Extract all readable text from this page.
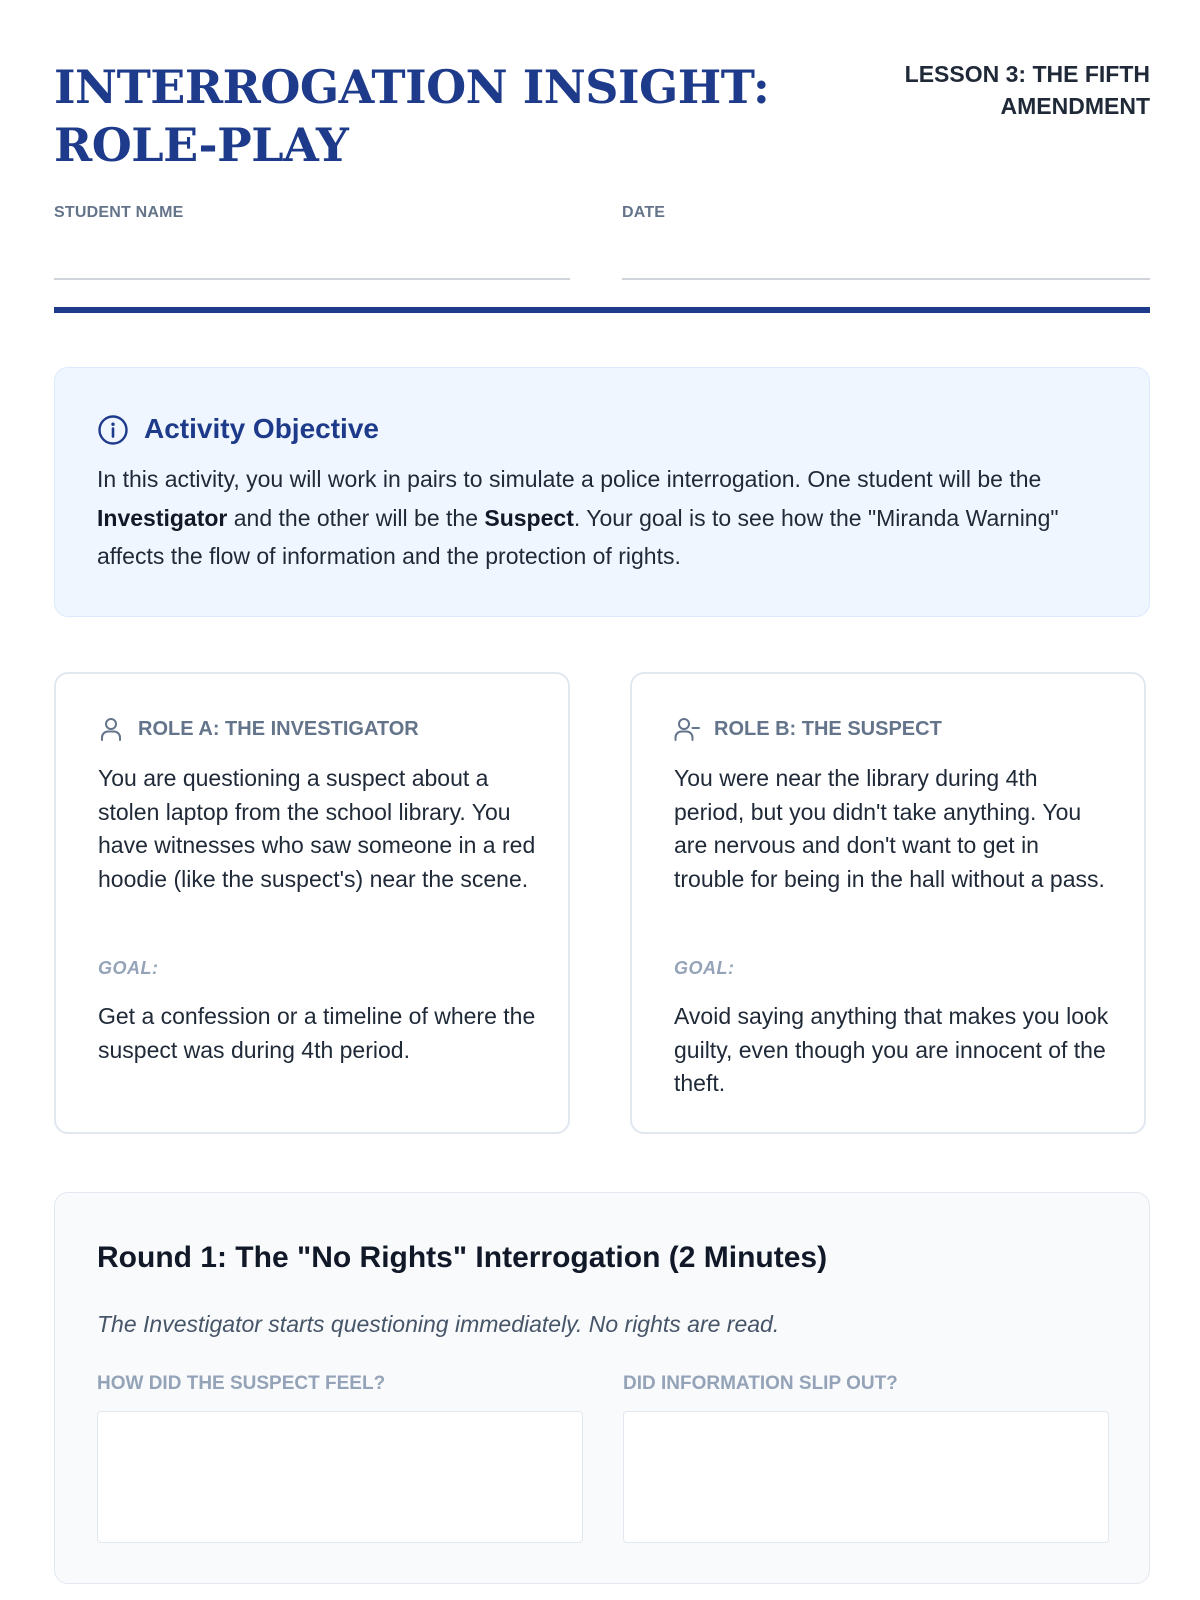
INTERROGATION INSIGHT:
ROLE-PLAY
LESSON 3: THE FIFTH
AMENDMENT
STUDENT NAME	DATE
Activity Objective
In this activity, you will work in pairs to simulate a police interrogation. One student will be the Investigator and the other will be the Suspect. Your goal is to see how the "Miranda Warning" affects the flow of information and the protection of rights.
ROLE A: THE INVESTIGATOR
You are questioning a suspect about a stolen laptop from the school library. You have witnesses who saw someone in a red hoodie (like the suspect's) near the scene.
GOAL:
Get a confession or a timeline of where the suspect was during 4th period.
ROLE B: THE SUSPECT
You were near the library during 4th period, but you didn't take anything. You are nervous and don't want to get in trouble for being in the hall without a pass.
GOAL:
Avoid saying anything that makes you look guilty, even though you are innocent of the theft.
Round 1: The "No Rights" Interrogation (2 Minutes)
The Investigator starts questioning immediately. No rights are read.
HOW DID THE SUSPECT FEEL?	DID INFORMATION SLIP OUT?
